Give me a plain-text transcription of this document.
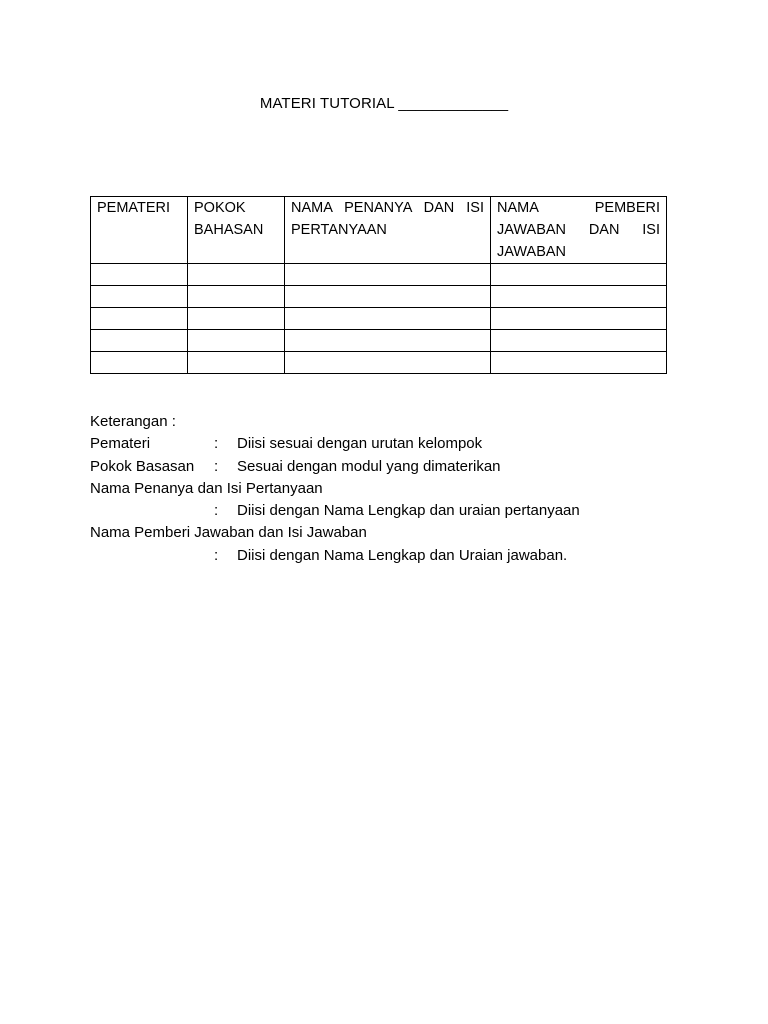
MATERI TUTORIAL _____________
PEMATERI	POKOK BAHASAN	NAMA PENANYA DAN ISI PERTANYAAN	NAMA PEMBERI JAWABAN DAN ISI JAWABAN

Keterangan :
Pemateri	: Diisi sesuai dengan urutan kelompok
Pokok Basasan : Sesuai dengan modul yang dimaterikan
Nama Penanya dan Isi Pertanyaan
: Diisi dengan Nama Lengkap dan uraian pertanyaan
Nama Pemberi Jawaban dan Isi Jawaban
: Diisi dengan Nama Lengkap dan Uraian jawaban.
